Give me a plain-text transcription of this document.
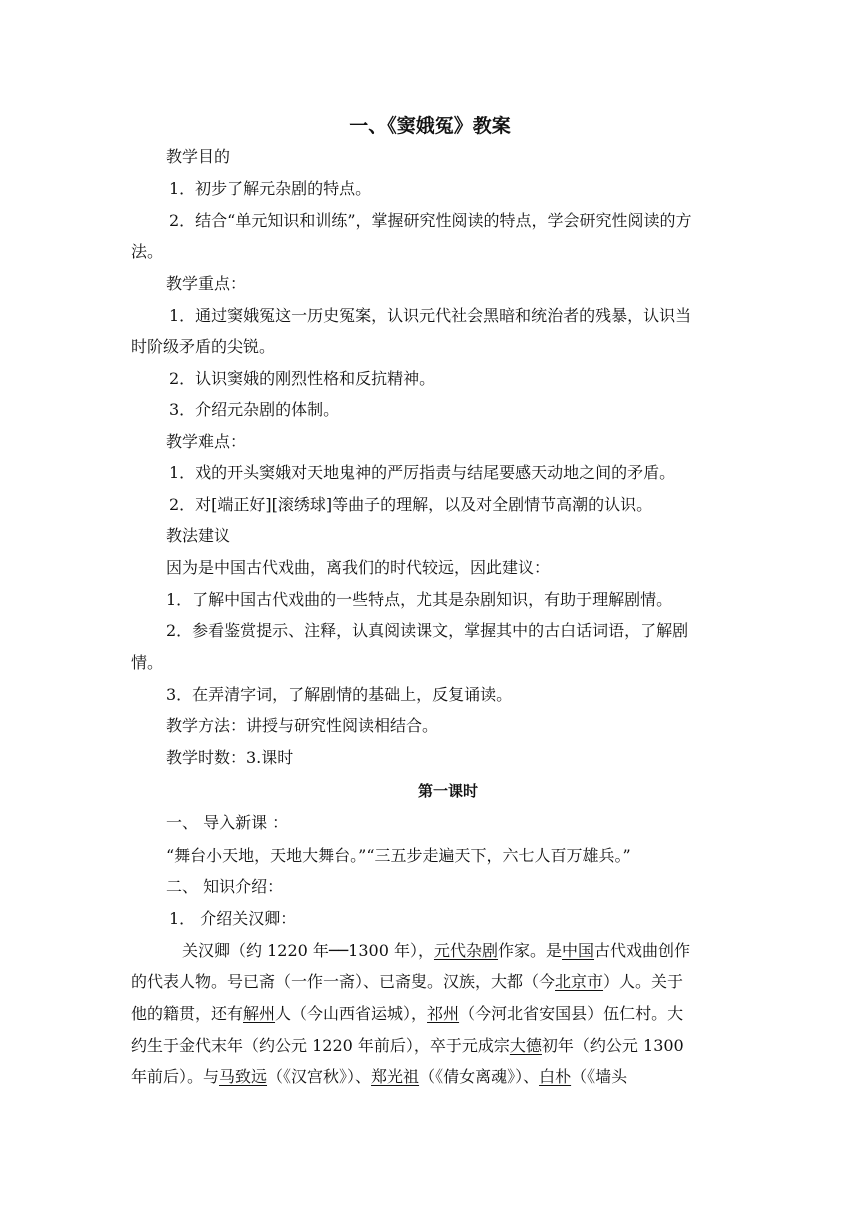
一、《窦娥冤》教案
教学目的
1．初步了解元杂剧的特点。
2．结合“单元知识和训练”，掌握研究性阅读的特点，学会研究性阅读的方
法。
教学重点：
1．通过窦娥冤这一历史冤案，认识元代社会黑暗和统治者的残暴，认识当
时阶级矛盾的尖锐。
2．认识窦娥的刚烈性格和反抗精神。
3．介绍元杂剧的体制。
教学难点：
1．戏的开头窦娥对天地鬼神的严厉指责与结尾要感天动地之间的矛盾。
2．对[端正好][滚绣球]等曲子的理解，以及对全剧情节高潮的认识。
教法建议
因为是中国古代戏曲，离我们的时代较远，因此建议：
1．了解中国古代戏曲的一些特点，尤其是杂剧知识，有助于理解剧情。
2．参看鉴赏提示、注释，认真阅读课文，掌握其中的古白话词语，了解剧
情。
3．在弄清字词，了解剧情的基础上，反复诵读。
教学方法：讲授与研究性阅读相结合。
教学时数：3.课时
第一课时
一、 导入新课 ：
“舞台小天地，天地大舞台。”“三五步走遍天下，六七人百万雄兵。”
二、 知识介绍：
1． 介绍关汉卿：
关汉卿（约 1220 年──1300 年），元代杂剧作家。是中国古代戏曲创作
的代表人物。号已斋（一作一斋）、已斋叟。汉族，大都（今北京市）人。关于
他的籍贯，还有解州人（今山西省运城），祁州（今河北省安国县）伍仁村。大
约生于金代末年（约公元 1220 年前后），卒于元成宗大德初年（约公元 1300
年前后）。与马致远（《汉宫秋》）、郑光祖（《倩女离魂》）、白朴（《墙头
